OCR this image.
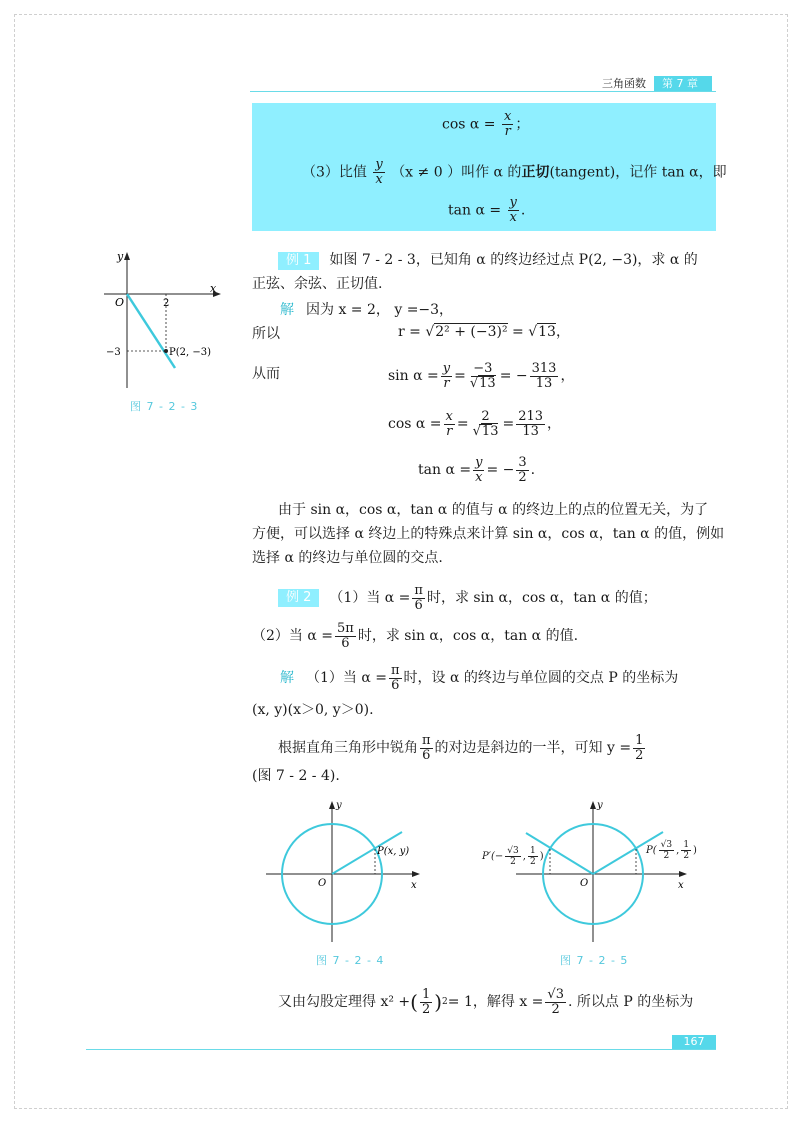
三角函数	第 7 章
$\cos \alpha = \frac{x}{r}$ ；
（3）比值 $\frac{y}{x} (x \ne 0$ ）叫作 α 的正切(tangent)，记作 tan α，即
$\tan \alpha = \frac{y}{x}$ .
y
x
O	2
−3	P(2, −3)
图 7 - 2 - 3
例 1 如图 7 - 2 - 3，已知角 α 的终边经过点 P(2, −3)，求 α 的
正弦、余弦、正切值.
解 因为 x = 2， y =−3，
所以	r = √2² + (−3)² = √13，
从而	$\sin \alpha = \frac{y}{r} = \frac{-3}{√13}$ = − $\frac{313}{13}$ ，
$\cos \alpha = \frac{x}{r} = \frac{2}{√13} = \frac{213}{13}$ ，
$\tan \alpha = \frac{y}{x}$ = − $\frac{3}{2}$ .
由于 sin α，cos α，tan α 的值与 α 的终边上的点的位置无关，为了
方便，可以选择 α 终边上的特殊点来计算 sin α，cos α，tan α 的值，例如
选择 α 的终边与单位圆的交点.
例 2	（1）当 $\alpha = \frac{\pi}{6}$ 时，求 sin α，cos α，tan α 的值；
（2）当 $\alpha = \frac{5\pi}{6}$ 时，求 sin α，cos α，tan α 的值.
解 （1）当 $\alpha = \frac{\pi}{6}$ 时，设 α 的终边与单位圆的交点 P 的坐标为
(x, y)(x＞0, y＞0).
根据直角三角形中锐角 $\frac{\pi}{6}$ 的对边是斜边的一半，可知 $y = \frac{1}{2}$
(图 7 - 2 - 4).
y
x
O
P(x, y)
图 7 - 2 - 4
y
x
O
$P'(- \frac{√3}{2}$ , $\frac{1}{2}$ )
$P( \frac{√3}{2}$ , $\frac{1}{2}$ )
图 7 - 2 - 5
又由勾股定理得 x² + ( $\frac{1}{2}$ ) 2 = 1，解得 $x = \frac{√3}{2}$ . 所以点 P 的坐标为
167
